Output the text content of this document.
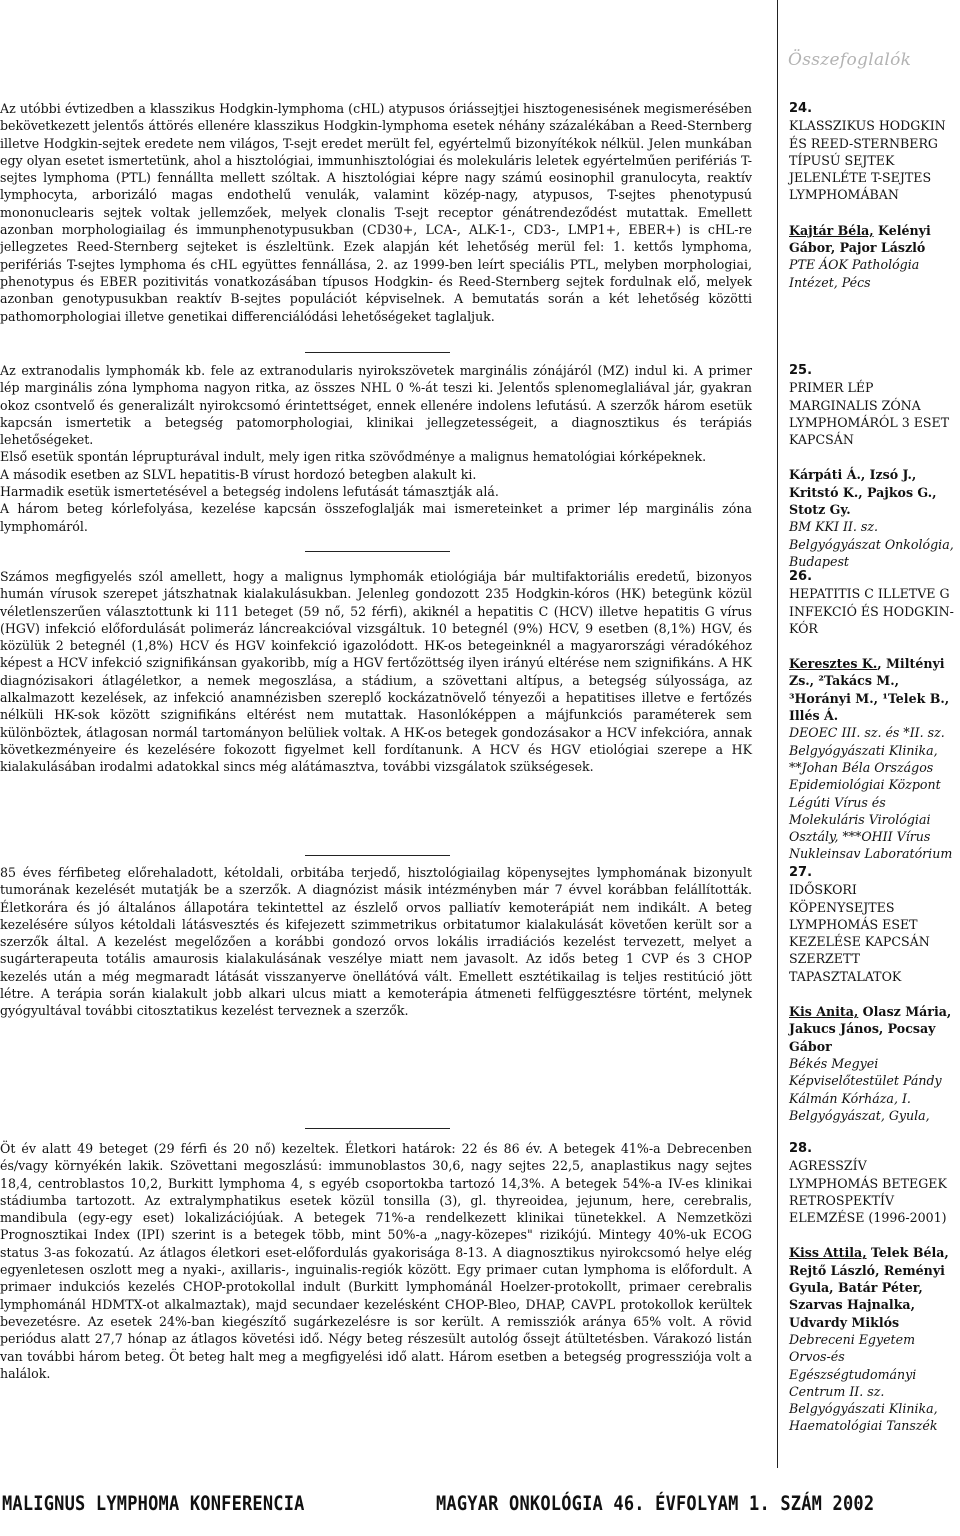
Összefoglalók

Az utóbbi évtizedben a klasszikus Hodgkin-lymphoma (cHL) atypusos óriássejtjei hisztogenesisének megismerésében bekövetkezett jelentős áttörés ellenére klasszikus Hodgkin-lymphoma esetek néhány százalékában a Reed-Sternberg illetve Hodgkin-sejtek eredete nem világos, T-sejt eredet merült fel, egyértelmű bizonyítékok nélkül. Jelen munkában egy olyan esetet ismertetünk, ahol a hisztológiai, immunhisztológiai és molekuláris leletek egyértelműen perifériás T-sejtes lymphoma (PTL) fennállta mellett szóltak. A hisztológiai képre nagy számú eosinophil granulocyta, reaktív lymphocyta, arborizáló magas endothelű venulák, valamint közép-nagy, atypusos, T-sejtes phenotypusú mononuclearis sejtek voltak jellemzőek, melyek clonalis T-sejt receptor génátrendeződést mutattak. Emellett azonban morphologiailag és immunphenotypusukban (CD30+, LCA-, ALK-1-, CD3-, LMP1+, EBER+) is cHL-re jellegzetes Reed-Sternberg sejteket is észleltünk. Ezek alapján két lehetőség merül fel: 1. kettős lymphoma, perifériás T-sejtes lymphoma és cHL együttes fennállása, 2. az 1999-ben leírt speciális PTL, melyben morphologiai, phenotypus és EBER pozitivitás vonatkozásában típusos Hodgkin- és Reed-Sternberg sejtek fordulnak elő, melyek azonban genotypusukban reaktív B-sejtes populációt képviselnek. A bemutatás során a két lehetőség közötti pathomorphologiai illetve genetikai differenciálódási lehetőségeket taglaljuk.

24.
KLASSZIKUS HODGKIN ÉS REED-STERNBERG TÍPUSÚ SEJTEK JELENLÉTE T-SEJTES LYMPHOMÁBAN
Kajtár Béla, Kelényi Gábor, Pajor László
PTE ÁOK Pathológia Intézet, Pécs

Az extranodalis lymphomák kb. fele az extranodularis nyirokszövetek marginális zónájáról (MZ) indul ki. A primer lép marginális zóna lymphoma nagyon ritka, az összes NHL 0 %-át teszi ki. Jelentős splenomeglaliával jár, gyakran okoz csontvelő és generalizált nyirokcsomó érintettséget, ennek ellenére indolens lefutású. A szerzők három esetük kapcsán ismertetik a betegség patomorphologiai, klinikai jellegzetességeit, a diagnosztikus és terápiás lehetőségeket.

Első esetük spontán léprupturával indult, mely igen ritka szövődménye a malignus hematológiai kórképeknek.

A második esetben az SLVL hepatitis-B vírust hordozó betegben alakult ki.

Harmadik esetük ismertetésével a betegség indolens lefutását támasztják alá.

A három beteg kórlefolyása, kezelése kapcsán összefoglalják mai ismereteinket a primer lép marginális zóna lymphomáról.

25.
PRIMER LÉP MARGINALIS ZÓNA LYMPHOMÁRÓL 3 ESET KAPCSÁN
Kárpáti Á., Izsó J., Kritstó K., Pajkos G., Stotz Gy.
BM KKI II. sz. Belgyógyászat Onkológia, Budapest

Számos megfigyelés szól amellett, hogy a malignus lymphomák etiológiája bár multifaktoriális eredetű, bizonyos humán vírusok szerepet játszhatnak kialakulásukban. Jelenleg gondozott 235 Hodgkin-kóros (HK) betegünk közül véletlenszerűen választottunk ki 111 beteget (59 nő, 52 férfi), akiknél a hepatitis C (HCV) illetve hepatitis G vírus (HGV) infekció előfordulását polimeráz láncreakcióval vizsgáltuk. 10 betegnél (9%) HCV, 9 esetben (8,1%) HGV, és közülük 2 betegnél (1,8%) HCV és HGV koinfekció igazolódott. HK-os betegeinknél a magyarországi véradókéhoz képest a HCV infekció szignifikánsan gyakoribb, míg a HGV fertőzöttség ilyen irányú eltérése nem szignifikáns. A HK diagnózisakori átlagéletkor, a nemek megoszlása, a stádium, a szövettani altípus, a betegség súlyossága, az alkalmazott kezelések, az infekció anamnézisben szereplő kockázatnövelő tényezői a hepatitises illetve e fertőzés nélküli HK-sok között szignifikáns eltérést nem mutattak. Hasonlóképpen a májfunkciós paraméterek sem különböztek, átlagosan normál tartományon belüliek voltak. A HK-os betegek gondozásakor a HCV infekcióra, annak következményeire és kezelésére fokozott figyelmet kell fordítanunk. A HCV és HGV etiológiai szerepe a HK kialakulásában irodalmi adatokkal sincs még alátámasztva, további vizsgálatok szükségesek.

26.
HEPATITIS C ILLETVE G INFEKCIÓ ÉS HODGKIN-KÓR
Keresztes K., Miltényi Zs., ²Takács M., ³Horányi M., ¹Telek B., Illés Á.
DEOEC III. sz. és *II. sz. Belgyógyászati Klinika, **Johan Béla Országos Epidemiológiai Központ Légúti Vírus és Molekuláris Virológiai Osztály, ***OHII Vírus Nukleinsav Laboratórium

85 éves férfibeteg előrehaladott, kétoldali, orbitába terjedő, hisztológiailag köpenysejtes lymphomának bizonyult tumorának kezelését mutatják be a szerzők. A diagnózist másik intézményben már 7 évvel korábban felállították. Életkorára és jó általános állapotára tekintettel az észlelő orvos palliatív kemoterápiát nem indikált. A beteg kezelésére súlyos kétoldali látásvesztés és kifejezett szimmetrikus orbitatumor kialakulását követően került sor a szerzők által. A kezelést megelőzően a korábbi gondozó orvos lokális irradiációs kezelést tervezett, melyet a sugárterapeuta totális amaurosis kialakulásának veszélye miatt nem javasolt. Az idős beteg 1 CVP és 3 CHOP kezelés után a még megmaradt látását visszanyerve önellátóvá vált. Emellett esztétikailag is teljes restitúció jött létre. A terápia során kialakult jobb alkari ulcus miatt a kemoterápia átmeneti felfüggesztésre történt, melynek gyógyultával további citosztatikus kezelést terveznek a szerzők.

27.
IDŐSKORI KÖPENYSEJTES LYMPHOMÁS ESET KEZELÉSE KAPCSÁN SZERZETT TAPASZTALATOK
Kis Anita, Olasz Mária, Jakucs János, Pocsay Gábor
Békés Megyei Képviselőtestület Pándy Kálmán Kórháza, I. Belgyógyászat, Gyula,

Öt év alatt 49 beteget (29 férfi és 20 nő) kezeltek. Életkori határok: 22 és 86 év. A betegek 41%-a Debrecenben és/vagy környékén lakik. Szövettani megoszlású: immunoblastos 30,6, nagy sejtes 22,5, anaplastikus nagy sejtes 18,4, centroblastos 10,2, Burkitt lymphoma 4, s egyéb csoportokba tartozó 14,3%. A betegek 54%-a IV-es klinikai stádiumba tartozott. Az extralymphatikus esetek közül tonsilla (3), gl. thyreoidea, jejunum, here, cerebralis, mandibula (egy-egy eset) lokalizációjúak. A betegek 71%-a rendelkezett klinikai tünetekkel. A Nemzetközi Prognosztikai Index (IPI) szerint is a betegek több, mint 50%-a „nagy-közepes" rizikójú. Mintegy 40%-uk ECOG status 3-as fokozatú. Az átlagos életkori eset-előfordulás gyakorisága 8-13. A diagnosztikus nyirokcsomó helye elég egyenletesen oszlott meg a nyaki-, axillaris-, inguinalis-regiók között. Egy primaer cutan lymphoma is előfordult. A primaer indukciós kezelés CHOP-protokollal indult (Burkitt lymphománál Hoelzer-protokollt, primaer cerebralis lymphománál HDMTX-ot alkalmaztak), majd secundaer kezelésként CHOP-Bleo, DHAP, CAVPL protokollok kerültek bevezetésre. Az esetek 24%-ban kiegészítő sugárkezelésre is sor került. A remissziók aránya 65% volt. A rövid periódus alatt 27,7 hónap az átlagos követési idő. Négy beteg részesült autológ őssejt átültetésben. Várakozó listán van további három beteg. Öt beteg halt meg a megfigyelési idő alatt. Három esetben a betegség progressziója volt a halálok.

28.
AGRESSZÍV LYMPHOMÁS BETEGEK RETROSPEKTÍV ELEMZÉSE (1996-2001)
Kiss Attila, Telek Béla, Rejtő László, Reményi Gyula, Batár Péter, Szarvas Hajnalka, Udvardy Miklós
Debreceni Egyetem Orvos-és Egészségtudományi Centrum II. sz. Belgyógyászati Klinika, Haematológiai Tanszék
MALIGNUS LYMPHOMA KONFERENCIA	MAGYAR ONKOLÓGIA 46. ÉVFOLYAM 1. SZÁM 2002
